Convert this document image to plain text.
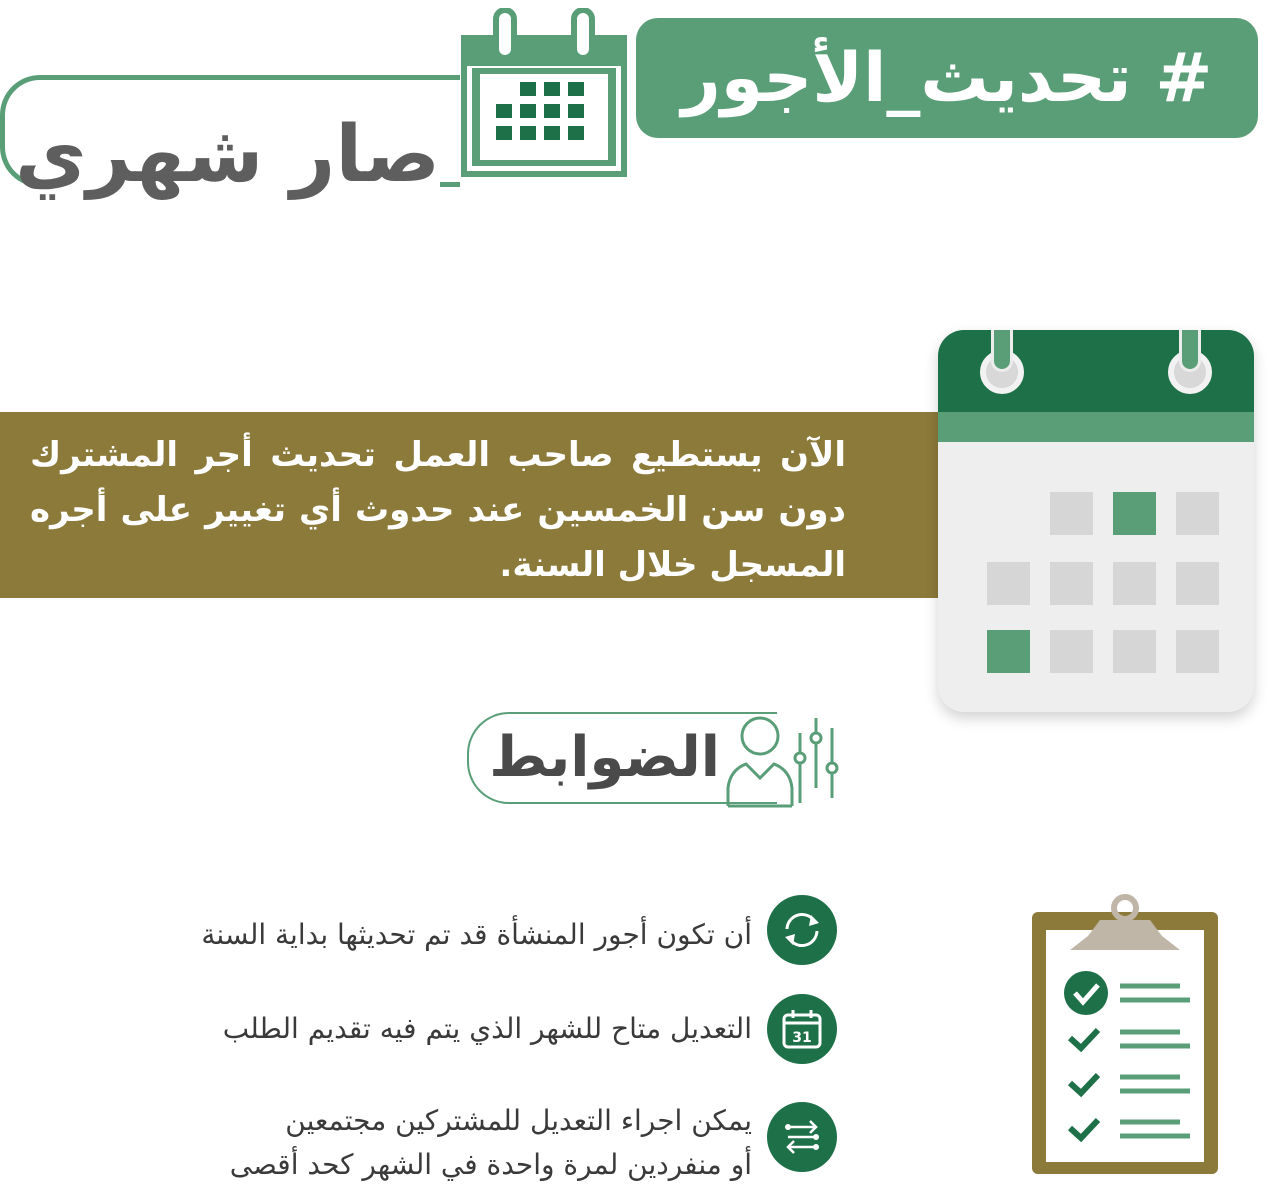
صار شهري
# تحديث_الأجور
الآن يستطيع صاحب العمل تحديث أجر المشترك دون سن الخمسين عند حدوث أي تغيير على أجره المسجل خلال السنة.
الضوابط
أن تكون أجور المنشأة قد تم تحديثها بداية السنة
31
التعديل متاح للشهر الذي يتم فيه تقديم الطلب
يمكن اجراء التعديل للمشتركين مجتمعين
أو منفردين لمرة واحدة في الشهر كحد أقصى
